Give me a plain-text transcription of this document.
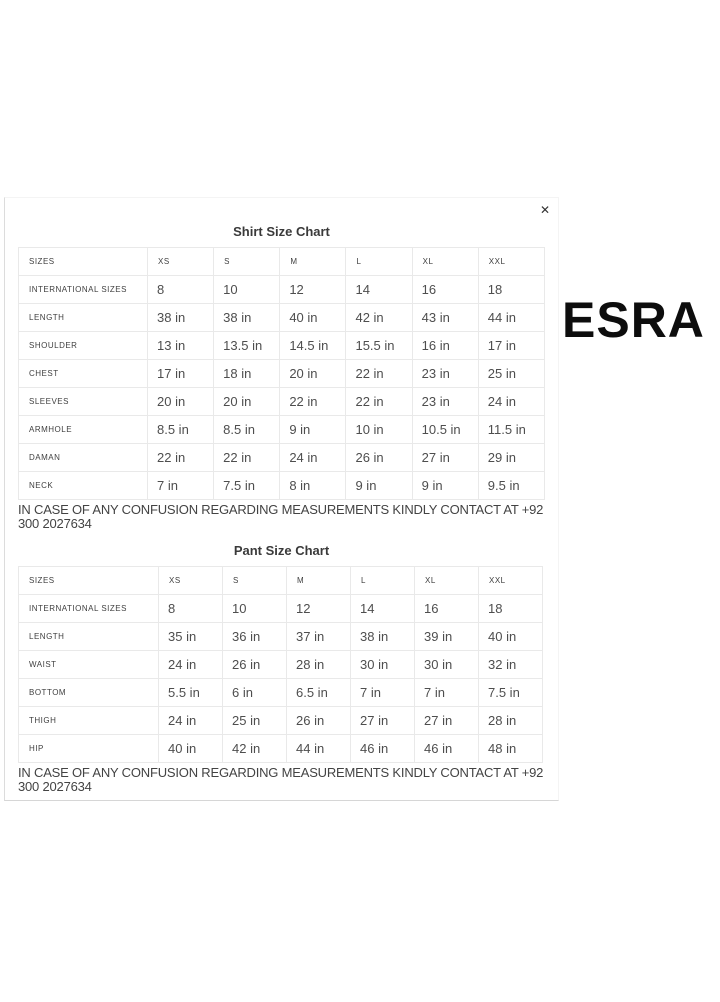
✕
Shirt Size Chart
SIZES	XS	S	M	L	XL	XXL
INTERNATIONAL SIZES	8	10	12	14	16	18
LENGTH	38 in	38 in	40 in	42 in	43 in	44 in
SHOULDER	13 in	13.5 in	14.5 in	15.5 in	16 in	17 in
CHEST	17 in	18 in	20 in	22 in	23 in	25 in
SLEEVES	20 in	20 in	22 in	22 in	23 in	24 in
ARMHOLE	8.5 in	8.5 in	9 in	10 in	10.5 in	11.5 in
DAMAN	22 in	22 in	24 in	26 in	27 in	29 in
NECK	7 in	7.5 in	8 in	9 in	9 in	9.5 in
IN CASE OF ANY CONFUSION REGARDING MEASUREMENTS KINDLY CONTACT AT +92 300 2027634
Pant Size Chart
SIZES	XS	S	M	L	XL	XXL
INTERNATIONAL SIZES	8	10	12	14	16	18
LENGTH	35 in	36 in	37 in	38 in	39 in	40 in
WAIST	24 in	26 in	28 in	30 in	30 in	32 in
BOTTOM	5.5 in	6 in	6.5 in	7 in	7 in	7.5 in
THIGH	24 in	25 in	26 in	27 in	27 in	28 in
HIP	40 in	42 in	44 in	46 in	46 in	48 in
IN CASE OF ANY CONFUSION REGARDING MEASUREMENTS KINDLY CONTACT AT +92 300 2027634
ESRA
